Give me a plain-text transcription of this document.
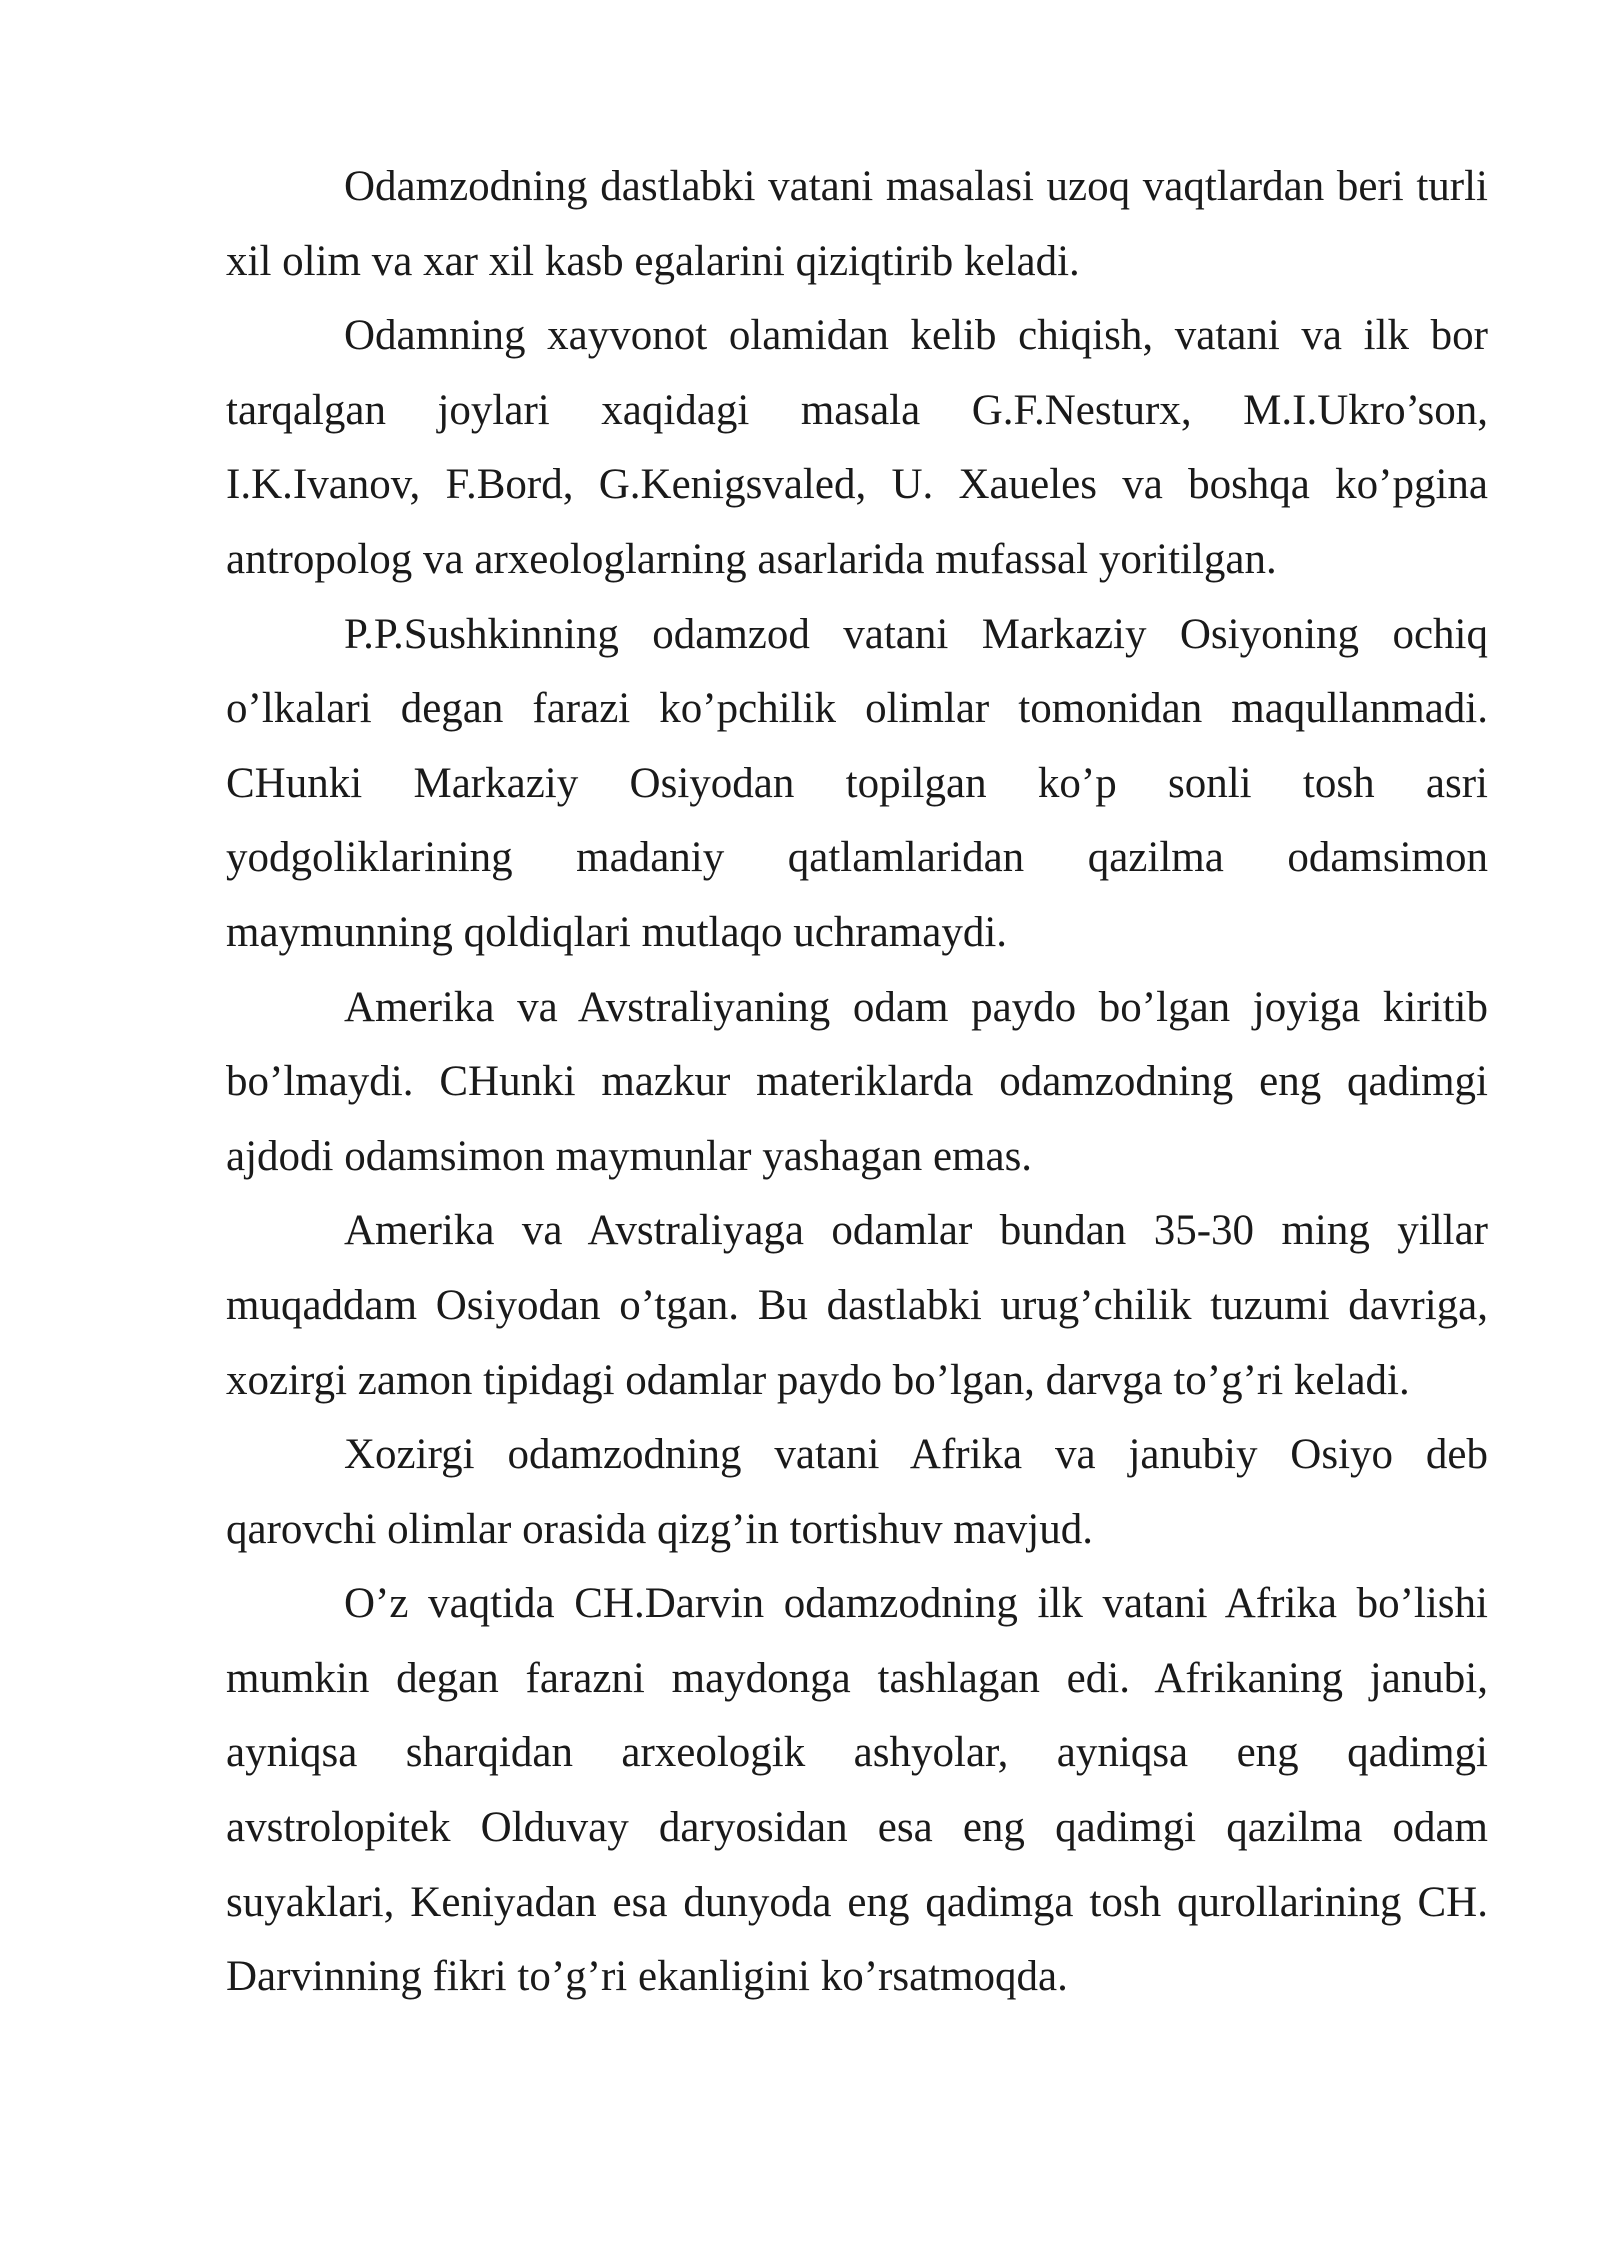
Odamzodning dastlabki vatani masalasi uzoq vaqtlardan beri turli xil olim va xar xil kasb egalarini qiziqtirib keladi.

Odamning xayvonot olamidan kelib chiqish, vatani va ilk bor tarqalgan joylari xaqidagi masala G.F.Nesturx, M.I.Ukro’son, I.K.Ivanov, F.Bord, G.Kenigsvaled, U. Xaueles va boshqa ko’pgina antropolog va arxeologlarning asarlarida mufassal yoritilgan.

P.P.Sushkinning odamzod vatani Markaziy Osiyoning ochiq o’lkalari degan farazi ko’pchilik olimlar tomonidan maqullanmadi. CHunki Markaziy Osiyodan topilgan ko’p sonli tosh asri yodgoliklarining madaniy qatlamlaridan qazilma odamsimon maymunning qoldiqlari mutlaqo uchramaydi.

Amerika va Avstraliyaning odam paydo bo’lgan joyiga kiritib bo’lmaydi. CHunki mazkur materiklarda odamzodning eng qadimgi ajdodi odamsimon maymunlar yashagan emas.

Amerika va Avstraliyaga odamlar bundan 35-30 ming yillar muqaddam Osiyodan o’tgan. Bu dastlabki urug’chilik tuzumi davriga, xozirgi zamon tipidagi odamlar paydo bo’lgan, darvga to’g’ri keladi.

Xozirgi odamzodning vatani Afrika va janubiy Osiyo deb qarovchi olimlar orasida qizg’in tortishuv mavjud.

O’z vaqtida CH.Darvin odamzodning ilk vatani Afrika bo’lishi mumkin degan farazni maydonga tashlagan edi. Afrikaning janubi, ayniqsa sharqidan arxeologik ashyolar, ayniqsa eng qadimgi avstrolopitek Olduvay daryosidan esa eng qadimgi qazilma odam suyaklari, Keniyadan esa dunyoda eng qadimga tosh qurollarining CH. Darvinning fikri to’g’ri ekanligini ko’rsatmoqda.
